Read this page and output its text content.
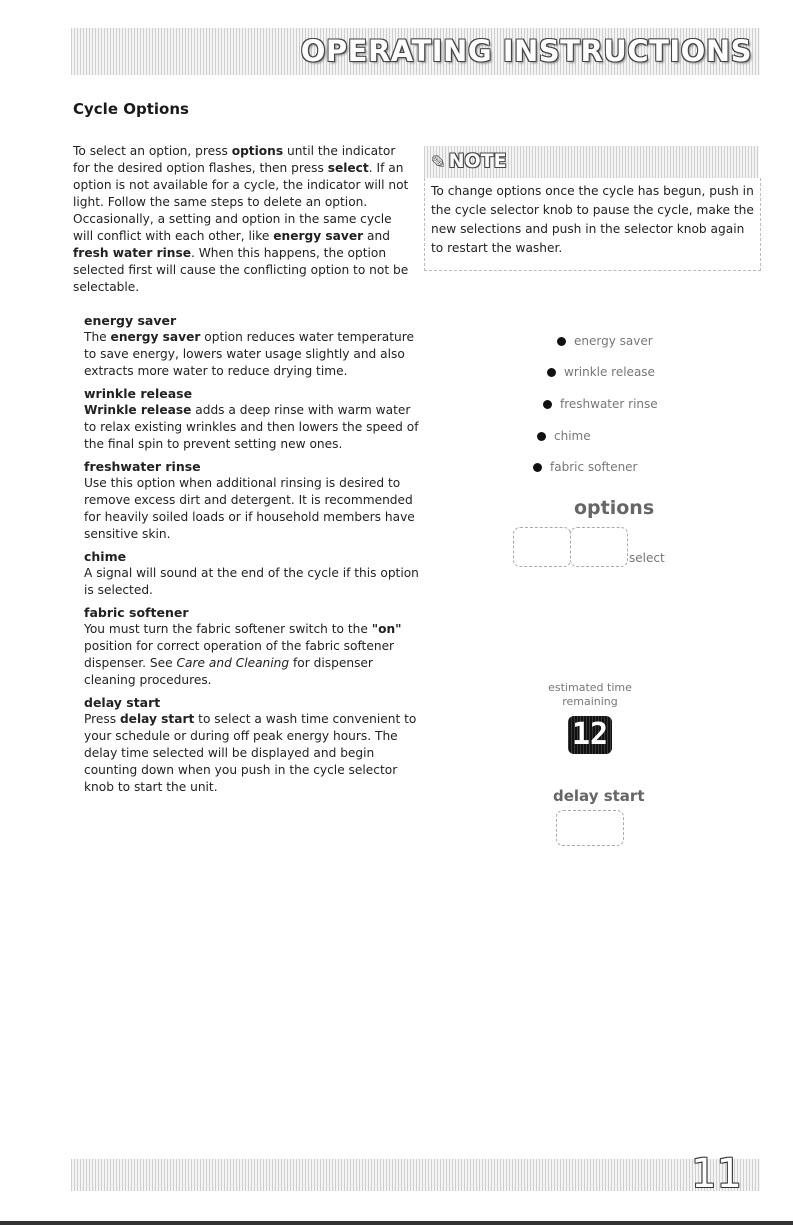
OPERATING INSTRUCTIONS
Cycle Options

To select an option, press options until the indicator for the desired option flashes, then press select. If an option is not available for a cycle, the indicator will not light. Follow the same steps to delete an option.

Occasionally, a setting and option in the same cycle will conflict with each other, like energy saver and fresh water rinse. When this happens, the option selected first will cause the conflicting option to not be selectable.

✎ NOTE

To change options once the cycle has begun, push in the cycle selector knob to pause the cycle, make the new selections and push in the selector knob again to restart the washer.

energy saver

The energy saver option reduces water temperature to save energy, lowers water usage slightly and also extracts more water to reduce drying time.

wrinkle release

Wrinkle release adds a deep rinse with warm water to relax existing wrinkles and then lowers the speed of the final spin to prevent setting new ones.

freshwater rinse

Use this option when additional rinsing is desired to remove excess dirt and detergent. It is recommended for heavily soiled loads or if household members have sensitive skin.

chime

A signal will sound at the end of the cycle if this option is selected.

fabric softener

You must turn the fabric softener switch to the "on" position for correct operation of the fabric softener dispenser. See Care and Cleaning for dispenser cleaning procedures.

delay start

Press delay start to select a wash time convenient to your schedule or during off peak energy hours. The delay time selected will be displayed and begin counting down when you push in the cycle selector knob to start the unit.

energy saver
wrinkle release
freshwater rinse
chime
fabric softener
options
select
estimated time
remaining
12
delay start
11
